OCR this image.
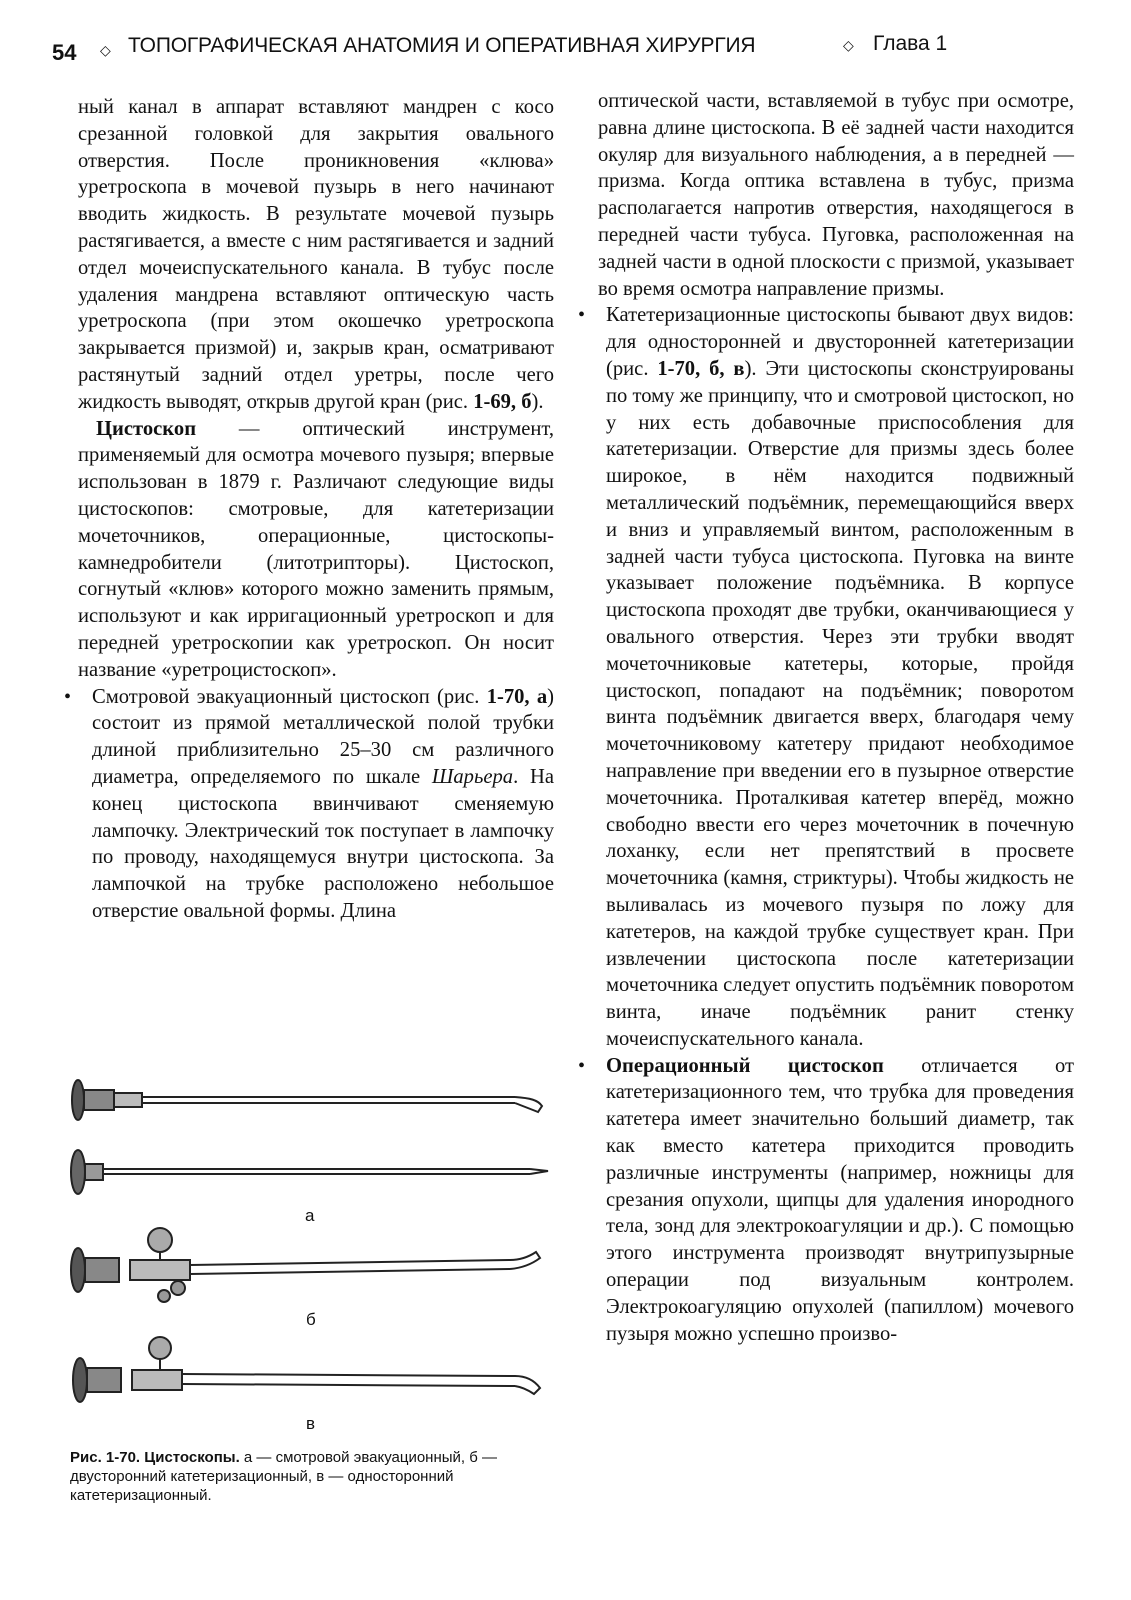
54 ◇ ТОПОГРАФИЧЕСКАЯ АНАТОМИЯ И ОПЕРАТИВНАЯ ХИРУРГИЯ	◇ Глава 1

ный канал в аппарат вставляют мандрен с косо срезанной головкой для закрытия овального отверстия. После проникновения «клюва» уретроскопа в мочевой пузырь в него начинают вводить жидкость. В результате мочевой пузырь растягивается, а вместе с ним растягивается и задний отдел мочеиспускательного канала. В тубус после удаления мандрена вставляют оптическую часть уретроскопа (при этом окошечко уретроскопа закрывается призмой) и, закрыв кран, осматривают растянутый задний отдел уретры, после чего жидкость выводят, открыв другой кран (рис. 1-69, б).

Цистоскоп — оптический инструмент, применяемый для осмотра мочевого пузыря; впервые использован в 1879 г. Различают следующие виды цистоскопов: смотровые, для катетеризации мочеточников, операционные, цистоскопы-камнедробители (литотрипторы). Цистоскоп, согнутый «клюв» которого можно заменить прямым, используют и как ирригационный уретроскоп и для передней уретроскопии как уретроскоп. Он носит название «уретроцистоскоп».

• Смотровой эвакуационный цистоскоп (рис. 1-70, а) состоит из прямой металлической полой трубки длиной приблизительно 25–30 см различного диаметра, определяемого по шкале Шарьера. На конец цистоскопа ввинчивают сменяемую лампочку. Электрический ток поступает в лампочку по проводу, находящемуся внутри цистоскопа. За лампочкой на трубке расположено небольшое отверстие овальной формы. Длина

оптической части, вставляемой в тубус при осмотре, равна длине цистоскопа. В её задней части находится окуляр для визуального наблюдения, а в передней — призма. Когда оптика вставлена в тубус, призма располагается напротив отверстия, находящегося в передней части тубуса. Пуговка, расположенная на задней части в одной плоскости с призмой, указывает во время осмотра направление призмы.

• Катетеризационные цистоскопы бывают двух видов: для односторонней и двусторонней катетеризации (рис. 1-70, б, в). Эти цистоскопы сконструированы по тому же принципу, что и смотровой цистоскоп, но у них есть добавочные приспособления для катетеризации. Отверстие для призмы здесь более широкое, в нём находится подвижный металлический подъёмник, перемещающийся вверх и вниз и управляемый винтом, расположенным в задней части тубуса цистоскопа. Пуговка на винте указывает положение подъёмника. В корпусе цистоскопа проходят две трубки, оканчивающиеся у овального отверстия. Через эти трубки вводят мочеточниковые катетеры, которые, пройдя цистоскоп, попадают на подъёмник; поворотом винта подъёмник двигается вверх, благодаря чему мочеточниковому катетеру придают необходимое направление при введении его в пузырное отверстие мочеточника. Проталкивая катетер вперёд, можно свободно ввести его через мочеточник в почечную лоханку, если нет препятствий в просвете мочеточника (камня, стриктуры). Чтобы жидкость не выливалась из мочевого пузыря по ложу для катетеров, на каждой трубке существует кран. При извлечении цистоскопа после катетеризации мочеточника следует опустить подъёмник поворотом винта, иначе подъёмник ранит стенку мочеиспускательного канала.
• Операционный цистоскоп отличается от катетеризационного тем, что трубка для проведения катетера имеет значительно больший диаметр, так как вместо катетера приходится проводить различные инструменты (например, ножницы для срезания опухоли, щипцы для удаления инородного тела, зонд для электрокоагуляции и др.). С помощью этого инструмента производят внутрипузырные операции под визуальным контролем. Электрокоагуляцию опухолей (папиллом) мочевого пузыря можно успешно произво-
а
б
в
Рис. 1-70. Цистоскопы. а — смотровой эвакуационный, б — двусторонний катетеризационный, в — односторонний катетеризационный.
